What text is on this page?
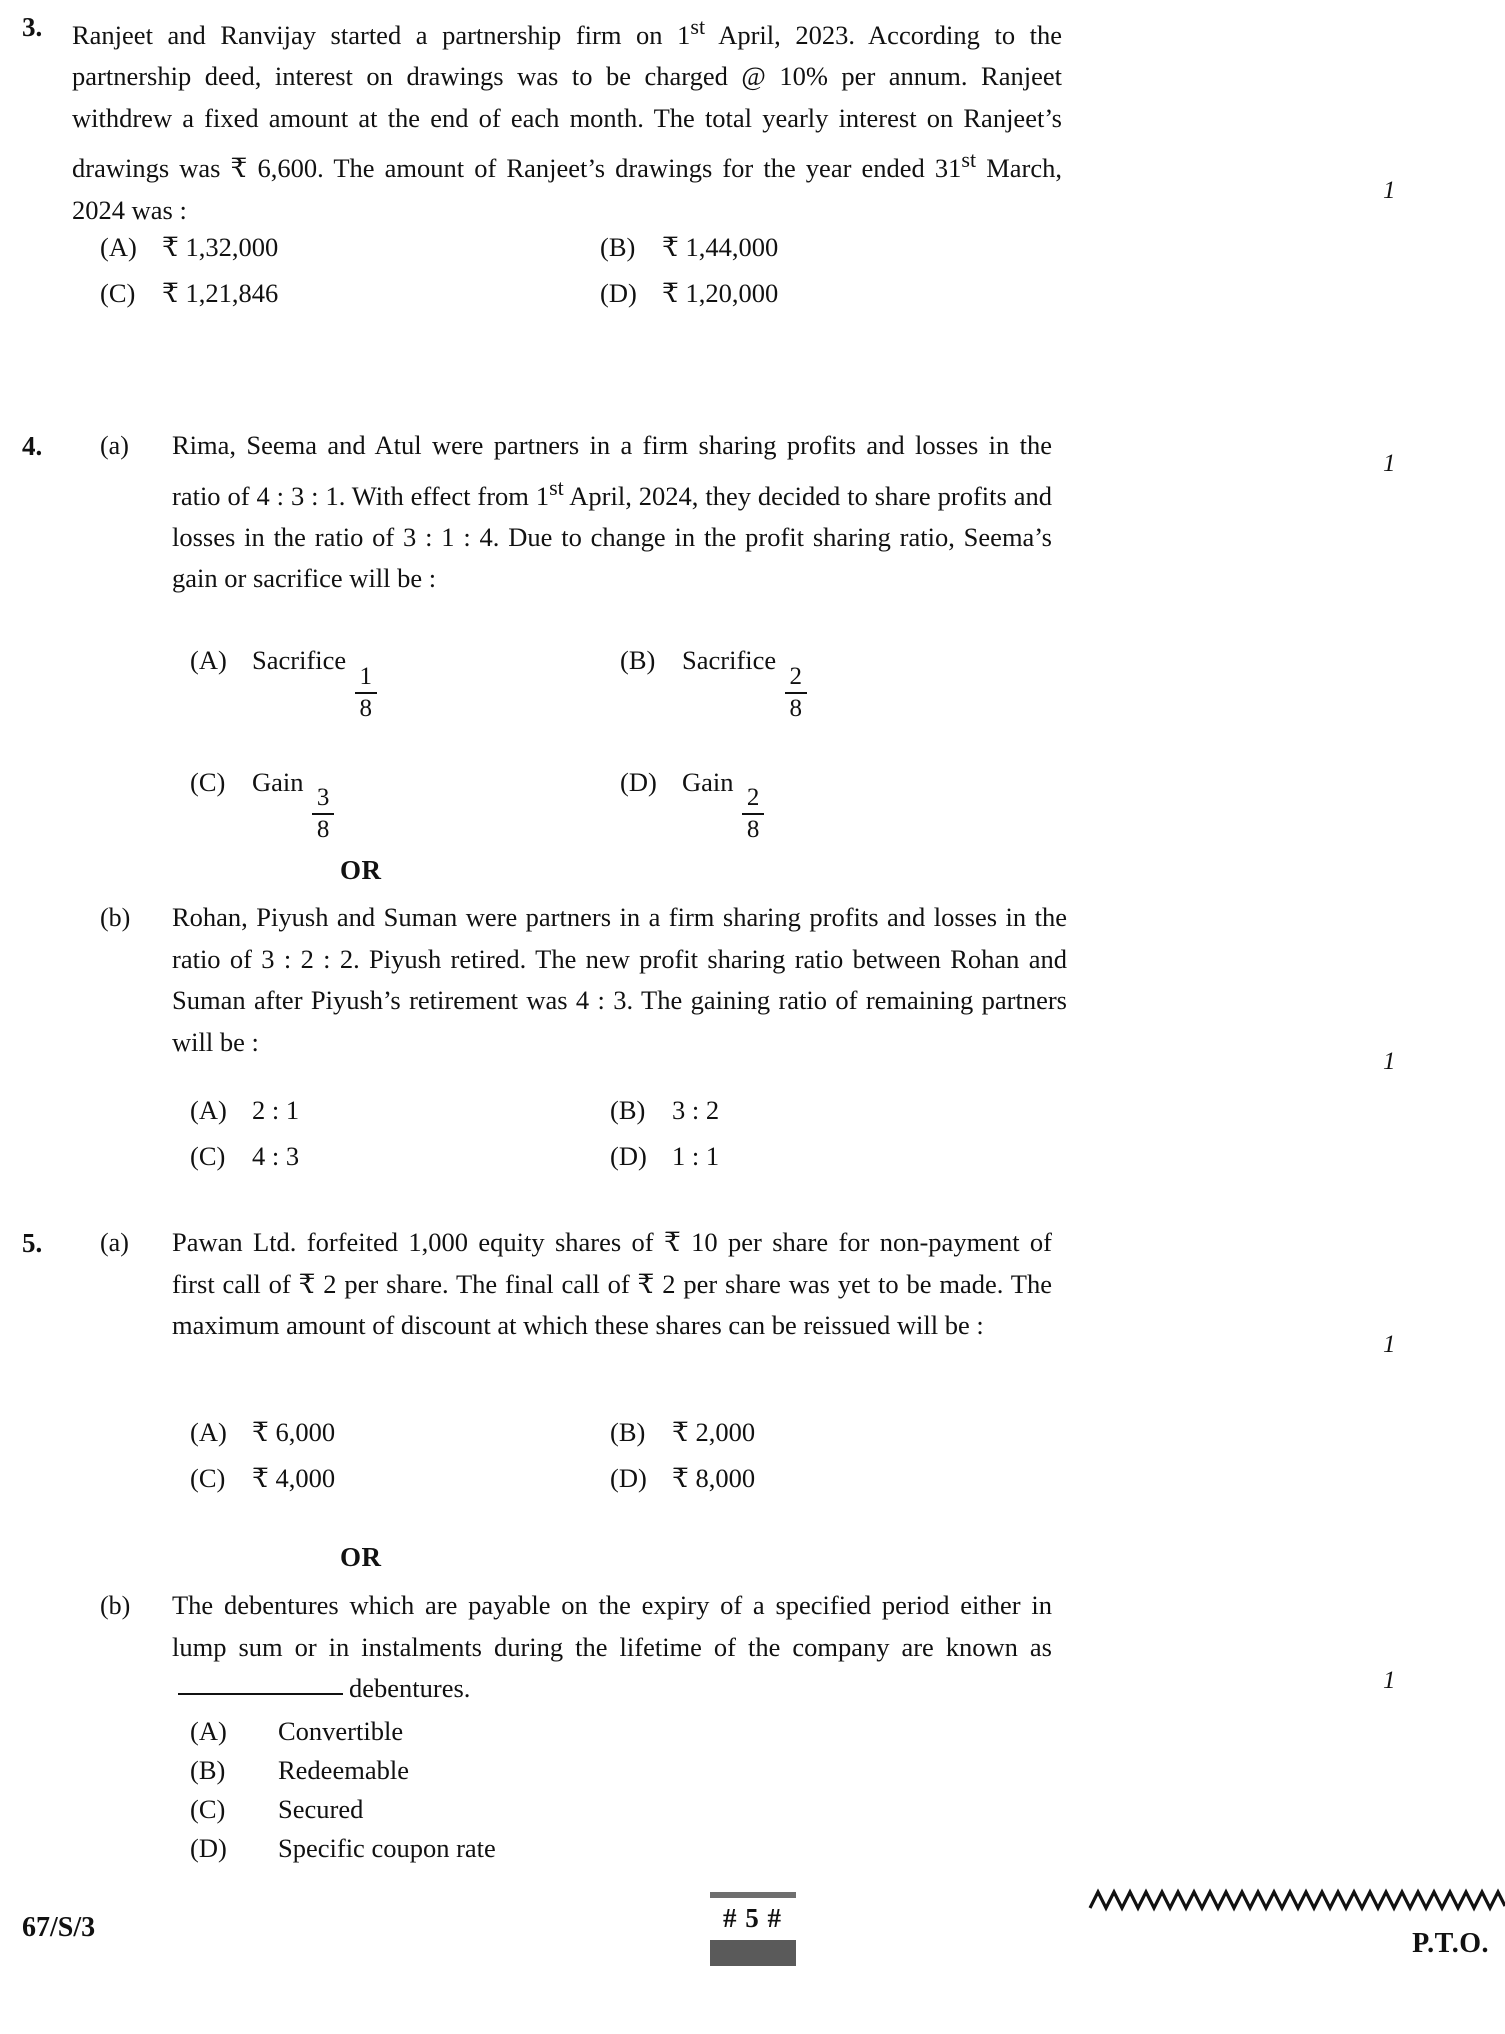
3.	Ranjeet and Ranvijay started a partnership firm on 1st April, 2023. According to the partnership deed, interest on drawings was to be charged @ 10% per annum. Ranjeet withdrew a fixed amount at the end of each month. The total yearly interest on Ranjeet’s drawings was ₹ 6,600. The amount of Ranjeet’s drawings for the year ended 31st March, 2024 was :
1
(A) ₹ 1,32,000	(B)	₹ 1,44,000
(C)	₹ 1,21,846	(D) ₹ 1,20,000
4.	(a)	Rima, Seema and Atul were partners in a firm sharing profits and losses in the ratio of 4 : 3 : 1. With effect from 1st April, 2024, they decided to share profits and losses in the ratio of 3 : 1 : 4. Due to change in the profit sharing ratio, Seema’s gain or sacrifice will be :
1
(A) Sacrifice
$\frac{1}{8}$
(B)	Sacrifice
$\frac{2}{8}$
(C)	Gain
$\frac{3}{8}$
(D) Gain
$\frac{2}{8}$
OR
(b)	Rohan, Piyush and Suman were partners in a firm sharing profits and losses in the ratio of 3 : 2 : 2. Piyush retired. The new profit sharing ratio between Rohan and Suman after Piyush’s retirement was 4 : 3. The gaining ratio of remaining partners will be :
1
(A) 2 : 1	(B)	3 : 2
(C)	4 : 3	(D) 1 : 1
5.	(a)	Pawan Ltd. forfeited 1,000 equity shares of ₹ 10 per share for non-payment of first call of ₹ 2 per share. The final call of ₹ 2 per share was yet to be made. The maximum amount of discount at which these shares can be reissued will be :
1
(A) ₹ 6,000	(B)	₹ 2,000
(C)	₹ 4,000	(D) ₹ 8,000
OR
(b)	The debentures which are payable on the expiry of a specified period either in lump sum or in instalments during the lifetime of the company are known asdebentures.	1
(A)	Convertible
(B)	Redeemable
(C)	Secured
(D)	Specific coupon rate
67/S/3	# 5 #
P.T.O.
